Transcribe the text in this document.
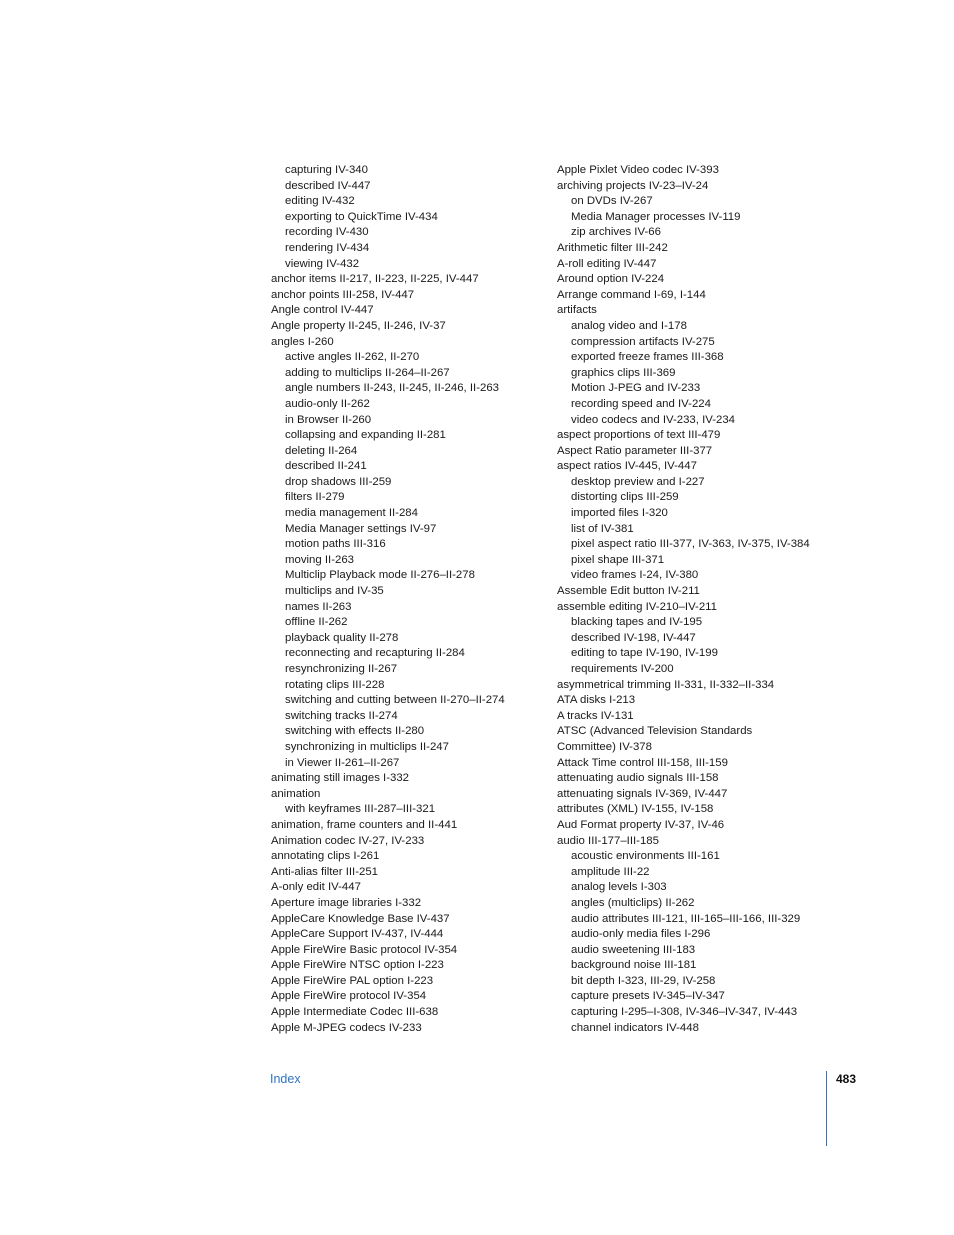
capturing IV-340
described IV-447
editing IV-432
exporting to QuickTime IV-434
recording IV-430
rendering IV-434
viewing IV-432
anchor items II-217, II-223, II-225, IV-447
anchor points III-258, IV-447
Angle control IV-447
Angle property II-245, II-246, IV-37
angles I-260
active angles II-262, II-270
adding to multiclips II-264–II-267
angle numbers II-243, II-245, II-246, II-263
audio-only II-262
in Browser II-260
collapsing and expanding II-281
deleting II-264
described II-241
drop shadows III-259
filters II-279
media management II-284
Media Manager settings IV-97
motion paths III-316
moving II-263
Multiclip Playback mode II-276–II-278
multiclips and IV-35
names II-263
offline II-262
playback quality II-278
reconnecting and recapturing II-284
resynchronizing II-267
rotating clips III-228
switching and cutting between II-270–II-274
switching tracks II-274
switching with effects II-280
synchronizing in multiclips II-247
in Viewer II-261–II-267
animating still images I-332
animation
with keyframes III-287–III-321
animation, frame counters and II-441
Animation codec IV-27, IV-233
annotating clips I-261
Anti-alias filter III-251
A-only edit IV-447
Aperture image libraries I-332
AppleCare Knowledge Base IV-437
AppleCare Support IV-437, IV-444
Apple FireWire Basic protocol IV-354
Apple FireWire NTSC option I-223
Apple FireWire PAL option I-223
Apple FireWire protocol IV-354
Apple Intermediate Codec III-638
Apple M-JPEG codecs IV-233
Apple Pixlet Video codec IV-393
archiving projects IV-23–IV-24
on DVDs IV-267
Media Manager processes IV-119
zip archives IV-66
Arithmetic filter III-242
A-roll editing IV-447
Around option IV-224
Arrange command I-69, I-144
artifacts
analog video and I-178
compression artifacts IV-275
exported freeze frames III-368
graphics clips III-369
Motion J-PEG and IV-233
recording speed and IV-224
video codecs and IV-233, IV-234
aspect proportions of text III-479
Aspect Ratio parameter III-377
aspect ratios IV-445, IV-447
desktop preview and I-227
distorting clips III-259
imported files I-320
list of IV-381
pixel aspect ratio III-377, IV-363, IV-375, IV-384
pixel shape III-371
video frames I-24, IV-380
Assemble Edit button IV-211
assemble editing IV-210–IV-211
blacking tapes and IV-195
described IV-198, IV-447
editing to tape IV-190, IV-199
requirements IV-200
asymmetrical trimming II-331, II-332–II-334
ATA disks I-213
A tracks IV-131
ATSC (Advanced Television Standards
Committee) IV-378
Attack Time control III-158, III-159
attenuating audio signals III-158
attenuating signals IV-369, IV-447
attributes (XML) IV-155, IV-158
Aud Format property IV-37, IV-46
audio III-177–III-185
acoustic environments III-161
amplitude III-22
analog levels I-303
angles (multiclips) II-262
audio attributes III-121, III-165–III-166, III-329
audio-only media files I-296
audio sweetening III-183
background noise III-181
bit depth I-323, III-29, IV-258
capture presets IV-345–IV-347
capturing I-295–I-308, IV-346–IV-347, IV-443
channel indicators IV-448
Index	483
